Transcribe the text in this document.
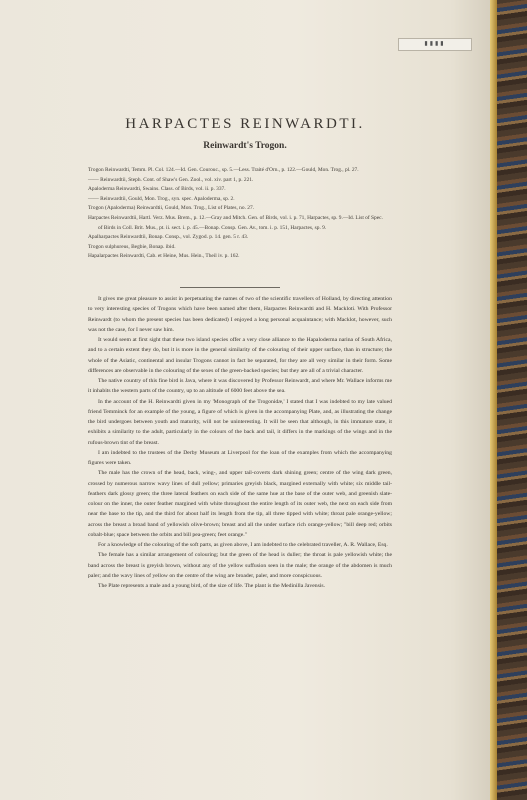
▮▮▮▮
HARPACTES REINWARDTI.
Reinwardt's Trogon.

Trogon Reinwardti, Temm. Pl. Col. 124.—Id. Gen. Courouc., sp. 5.—Less. Traité d'Orn., p. 122.—Gould, Mon. Trog., pl. 27.

—— Reinwardtii, Steph. Cont. of Shaw's Gen. Zool., vol. xiv. part 1, p. 221.

Apaloderma Reinwardti, Swains. Class. of Birds, vol. ii. p. 337.

—— Reinwardtii, Gould, Mon. Trog., syn. spec. Apaloderma, sp. 2.

Trogon (Apaloderma) Reinwardtii, Gould, Mon. Trog., List of Plates, no. 27.

Harpactes Reinwardtii, Hartl. Verz. Mus. Brem., p. 12.—Gray and Mitch. Gen. of Birds, vol. i. p. 71, Harpactes, sp. 9.—Id. List of Spec. of Birds in Coll. Brit. Mus., pt. ii. sect. i. p. 45.—Bonap. Consp. Gen. Av., tom. i. p. 151, Harpactes, sp. 9.

Apalharpactes Reinwardtii, Bonap. Consp., vol. Zygod. p. 14. gen. 5 r. 43.

Trogon sulphureus, Begbie, Bonap. ibid.

Hapalarpactes Reinwardti, Cab. et Heine, Mus. Hein., Theil iv. p. 162.

It gives me great pleasure to assist in perpetuating the names of two of the scientific travellers of Holland, by directing attention to very interesting species of Trogons which have been named after them, Harpactes Reinwardti and H. Mackloti. With Professor Reinwardt (to whom the present species has been dedicated) I enjoyed a long personal acquaintance; with Macklot, however, such was not the case, for I never saw him.

It would seem at first sight that these two island species offer a very close alliance to the Hapaloderma narina of South Africa, and to a certain extent they do, but it is more in the general similarity of the colouring of their upper surface, than in structure; the whole of the Asiatic, continental and insular Trogons cannot in fact be separated, for they are all very similar in their form. Some differences are observable in the colouring of the sexes of the green-backed species; but they are all of a trivial character.

The native country of this fine bird is Java, where it was discovered by Professor Reinwardt, and where Mr. Wallace informs me it inhabits the western parts of the country, up to an altitude of 6000 feet above the sea.

In the account of the H. Reinwardti given in my 'Monograph of the Trogonidæ,' I stated that I was indebted to my late valued friend Temminck for an example of the young, a figure of which is given in the accompanying Plate, and, as illustrating the change the bird undergoes between youth and maturity, will not be uninteresting. It will be seen that although, in this immature state, it exhibits a similarity to the adult, particularly in the colours of the back and tail, it differs in the markings of the wings and in the rufous-brown tint of the breast.

I am indebted to the trustees of the Derby Museum at Liverpool for the loan of the examples from which the accompanying figures were taken.

The male has the crown of the head, back, wing-, and upper tail-coverts dark shining green; centre of the wing dark green, crossed by numerous narrow wavy lines of dull yellow; primaries greyish black, margined externally with white; six middle tail-feathers dark glossy green; the three lateral feathers on each side of the same hue at the base of the outer web, and greenish slate-colour on the inner, the outer feather margined with white throughout the entire length of its outer web, the next on each side from near the base to the tip, and the third for about half its length from the tip, all three tipped with white; throat pale orange-yellow; across the breast a broad band of yellowish olive-brown; breast and all the under surface rich orange-yellow; "bill deep red; orbits cobalt-blue; space between the orbits and bill pea-green; feet orange."

For a knowledge of the colouring of the soft parts, as given above, I am indebted to the celebrated traveller, A. R. Wallace, Esq.

The female has a similar arrangement of colouring; but the green of the head is duller; the throat is pale yellowish white; the band across the breast is greyish brown, without any of the yellow suffusion seen in the male; the orange of the abdomen is much paler; and the wavy lines of yellow on the centre of the wing are broader, paler, and more conspicuous.

The Plate represents a male and a young bird, of the size of life. The plant is the Medinilla Javensis.
